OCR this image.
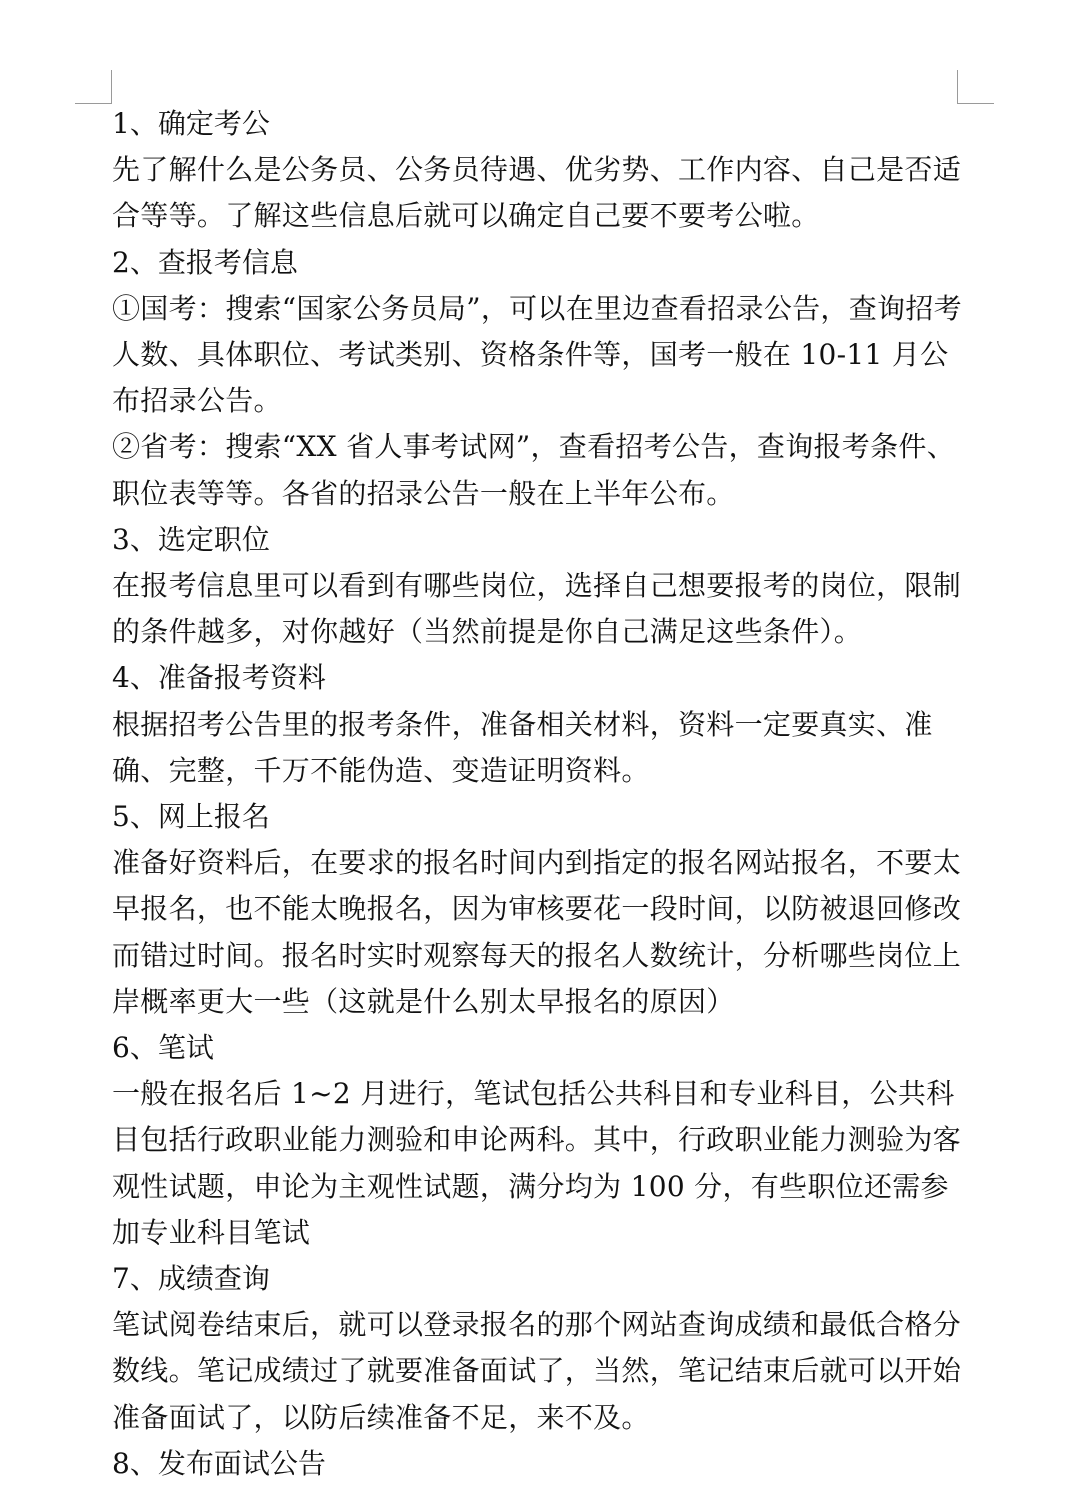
1、确定考公

先了解什么是公务员、公务员待遇、优劣势、工作内容、自己是否适合等等。了解这些信息后就可以确定自己要不要考公啦。

2、查报考信息

①国考：搜索“国家公务员局”，可以在里边查看招录公告，查询招考人数、具体职位、考试类别、资格条件等，国考一般在 10-11 月公布招录公告。

②省考：搜索“XX 省人事考试网”，查看招考公告，查询报考条件、职位表等等。各省的招录公告一般在上半年公布。

3、选定职位

在报考信息里可以看到有哪些岗位，选择自己想要报考的岗位，限制的条件越多，对你越好（当然前提是你自己满足这些条件）。

4、准备报考资料

根据招考公告里的报考条件，准备相关材料，资料一定要真实、准确、完整，千万不能伪造、变造证明资料。

5、网上报名

准备好资料后，在要求的报名时间内到指定的报名网站报名，不要太早报名，也不能太晚报名，因为审核要花一段时间，以防被退回修改而错过时间。报名时实时观察每天的报名人数统计，分析哪些岗位上岸概率更大一些（这就是什么别太早报名的原因）

6、笔试

一般在报名后 1~2 月进行，笔试包括公共科目和专业科目，公共科目包括行政职业能力测验和申论两科。其中，行政职业能力测验为客观性试题，申论为主观性试题，满分均为 100 分，有些职位还需参加专业科目笔试

7、成绩查询

笔试阅卷结束后，就可以登录报名的那个网站查询成绩和最低合格分数线。笔记成绩过了就要准备面试了，当然，笔记结束后就可以开始准备面试了，以防后续准备不足，来不及。

8、发布面试公告
